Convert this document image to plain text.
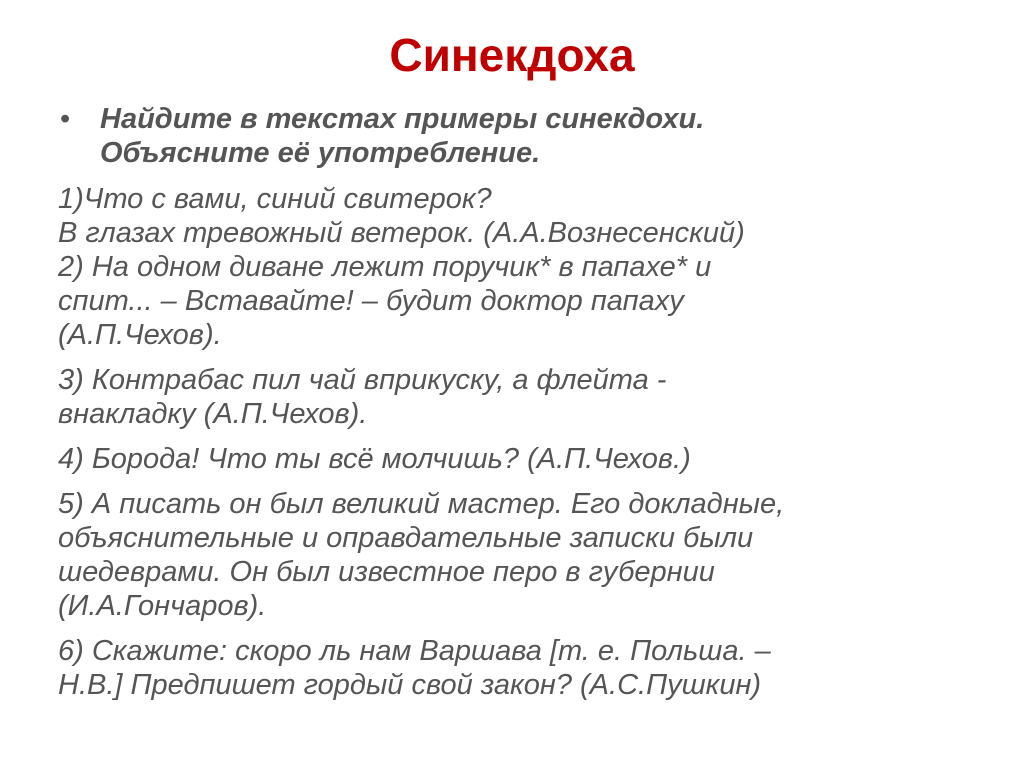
Синекдоха
• Найдите в текстах примеры синекдохи.
Объясните её употребление.
1)Что с вами, синий свитерок?
В глазах тревожный ветерок. (А.А.Вознесенский)
2) На одном диване лежит поручик* в папахе* и
спит... – Вставайте! – будит доктор папаху
(А.П.Чехов).
3) Контрабас пил чай вприкуску, а флейта -
внакладку (А.П.Чехов).
4) Борода! Что ты всё молчишь? (А.П.Чехов.)
5) А писать он был великий мастер. Его докладные,
объяснительные и оправдательные записки были
шедеврами. Он был известное перо в губернии
(И.А.Гончаров).
6) Скажите: скоро ль нам Варшава [т. е. Польша. –
Н.В.] Предпишет гордый свой закон? (А.С.Пушкин)
